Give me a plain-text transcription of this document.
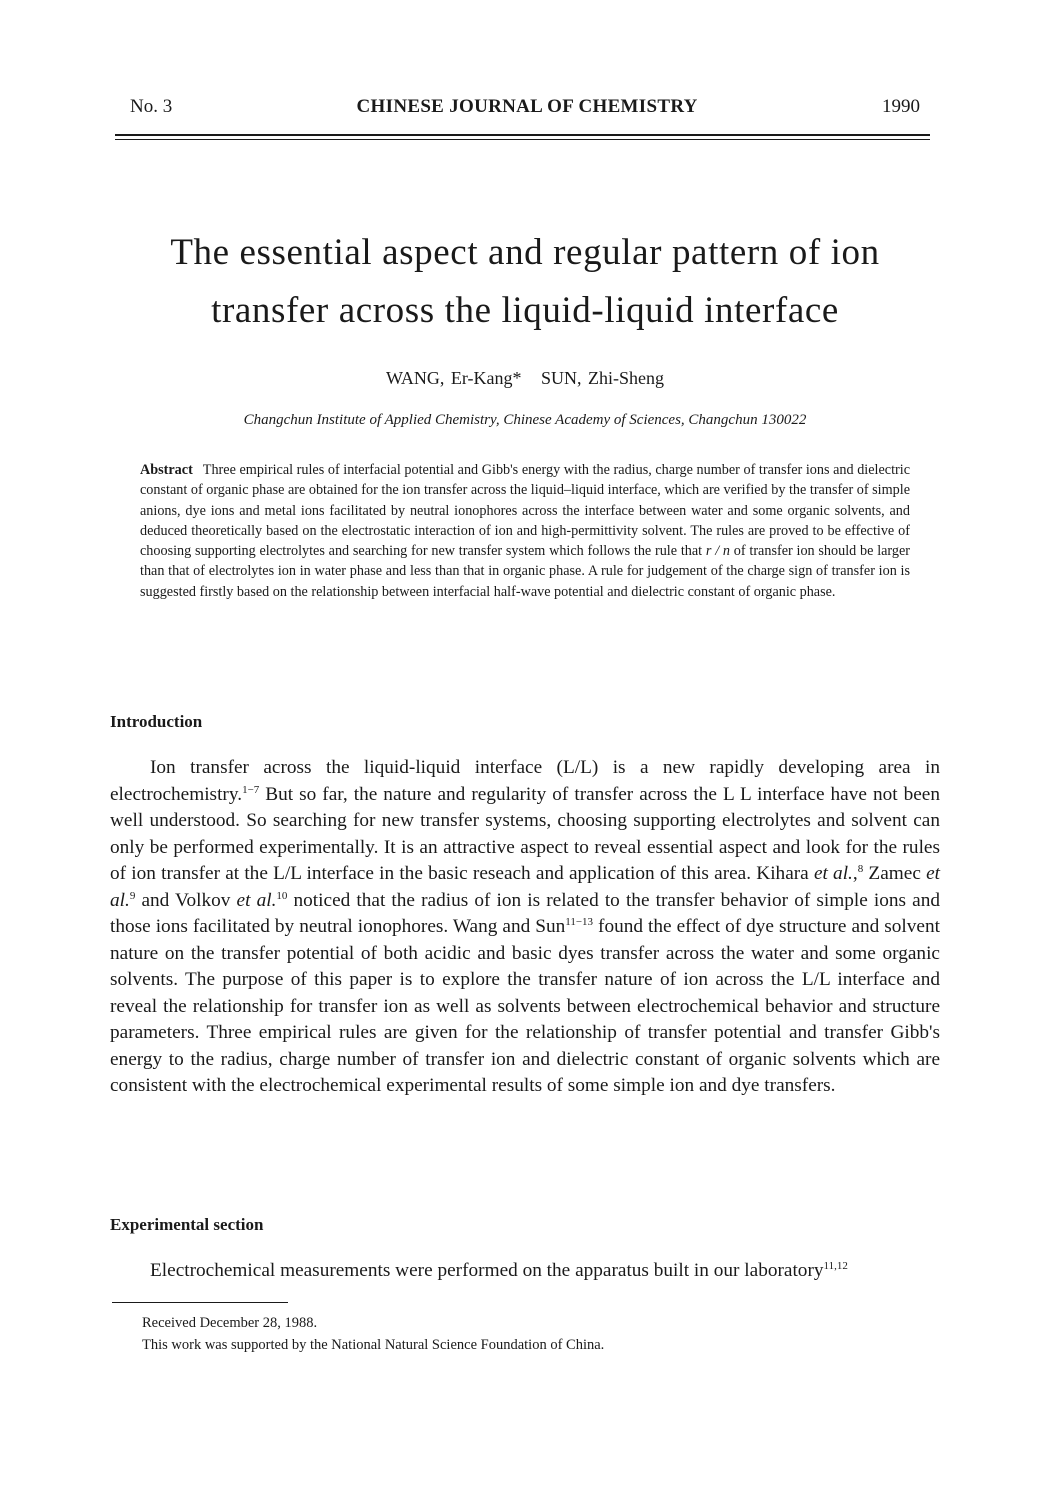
No. 3	CHINESE JOURNAL OF CHEMISTRY	1990
The essential aspect and regular pattern of ion
transfer across the liquid-liquid interface
WANG, Er-Kang*   SUN, Zhi-Sheng
Changchun Institute of Applied Chemistry, Chinese Academy of Sciences, Changchun 130022

Abstract Three empirical rules of interfacial potential and Gibb's energy with the radius, charge number of transfer ions and dielectric constant of organic phase are obtained for the ion transfer across the liquid–liquid interface, which are verified by the transfer of simple anions, dye ions and metal ions facilitated by neutral ionophores across the interface between water and some organic solvents, and deduced theoretically based on the electrostatic interaction of ion and high-permittivity solvent. The rules are proved to be effective of choosing supporting electrolytes and searching for new transfer system which follows the rule that r / n of transfer ion should be larger than that of electrolytes ion in water phase and less than that in organic phase. A rule for judgement of the charge sign of transfer ion is suggested firstly based on the relationship between interfacial half-wave potential and dielectric constant of organic phase.

Introduction

Ion transfer across the liquid-liquid interface (L/L) is a new rapidly developing area in electrochemistry.$^{1-7}$ But so far, the nature and regularity of transfer across the L L interface have not been well understood. So searching for new transfer systems, choosing supporting electrolytes and solvent can only be performed experimentally. It is an attractive aspect to reveal essential aspect and look for the rules of ion transfer at the L/L interface in the basic reseach and application of this area. Kihara et al.,$^8$ Zamec et al.$^9$ and Volkov et al.$^{10}$ noticed that the radius of ion is related to the transfer behavior of simple ions and those ions facilitated by neutral ionophores. Wang and Sun$^{11-13}$ found the effect of dye structure and solvent nature on the transfer potential of both acidic and basic dyes transfer across the water and some organic solvents. The purpose of this paper is to explore the transfer nature of ion across the L/L interface and reveal the relationship for transfer ion as well as solvents between electrochemical behavior and structure parameters. Three empirical rules are given for the relationship of transfer potential and transfer Gibb's energy to the radius, charge number of transfer ion and dielectric constant of organic solvents which are consistent with the electrochemical experimental results of some simple ion and dye transfers.

Experimental section

Electrochemical measurements were performed on the apparatus built in our laboratory$^{11,12}$

Received December 28, 1988.
This work was supported by the National Natural Science Foundation of China.
